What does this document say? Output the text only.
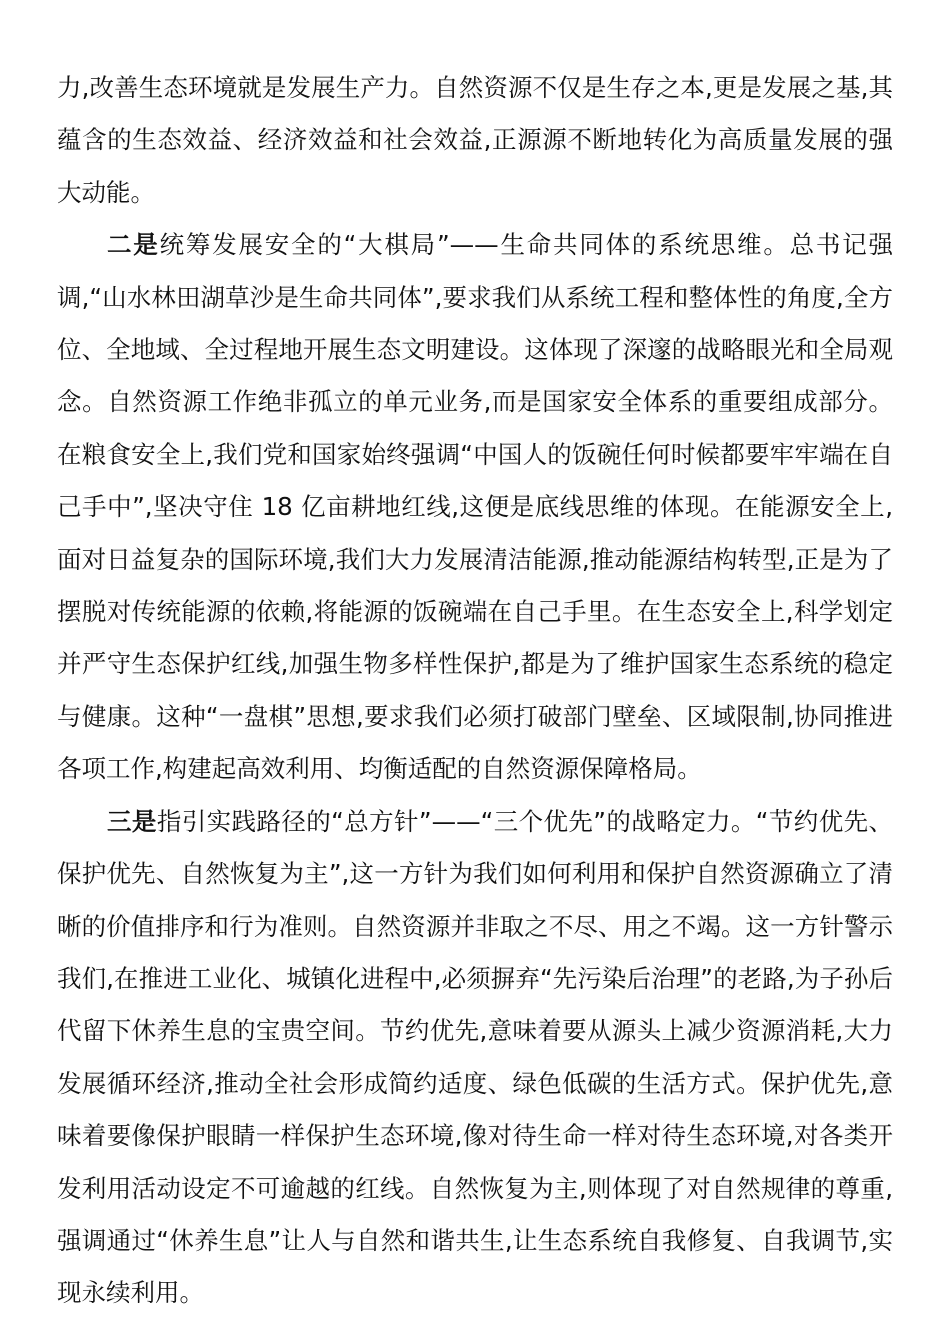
力,改善生态环境就是发展生产力。自然资源不仅是生存之本,更是发展之基,其蕴含的生态效益、经济效益和社会效益,正源源不断地转化为高质量发展的强大动能。

二是统筹发展安全的“大棋局”——生命共同体的系统思维。总书记强调,“山水林田湖草沙是生命共同体”,要求我们从系统工程和整体性的角度,全方位、全地域、全过程地开展生态文明建设。这体现了深邃的战略眼光和全局观念。自然资源工作绝非孤立的单元业务,而是国家安全体系的重要组成部分。在粮食安全上,我们党和国家始终强调“中国人的饭碗任何时候都要牢牢端在自己手中”,坚决守住 18 亿亩耕地红线,这便是底线思维的体现。在能源安全上,面对日益复杂的国际环境,我们大力发展清洁能源,推动能源结构转型,正是为了摆脱对传统能源的依赖,将能源的饭碗端在自己手里。在生态安全上,科学划定并严守生态保护红线,加强生物多样性保护,都是为了维护国家生态系统的稳定与健康。这种“一盘棋”思想,要求我们必须打破部门壁垒、区域限制,协同推进各项工作,构建起高效利用、均衡适配的自然资源保障格局。

三是指引实践路径的“总方针”——“三个优先”的战略定力。“节约优先、保护优先、自然恢复为主”,这一方针为我们如何利用和保护自然资源确立了清晰的价值排序和行为准则。自然资源并非取之不尽、用之不竭。这一方针警示我们,在推进工业化、城镇化进程中,必须摒弃“先污染后治理”的老路,为子孙后代留下休养生息的宝贵空间。节约优先,意味着要从源头上减少资源消耗,大力发展循环经济,推动全社会形成简约适度、绿色低碳的生活方式。保护优先,意味着要像保护眼睛一样保护生态环境,像对待生命一样对待生态环境,对各类开发利用活动设定不可逾越的红线。自然恢复为主,则体现了对自然规律的尊重,强调通过“休养生息”让人与自然和谐共生,让生态系统自我修复、自我调节,实现永续利用。
